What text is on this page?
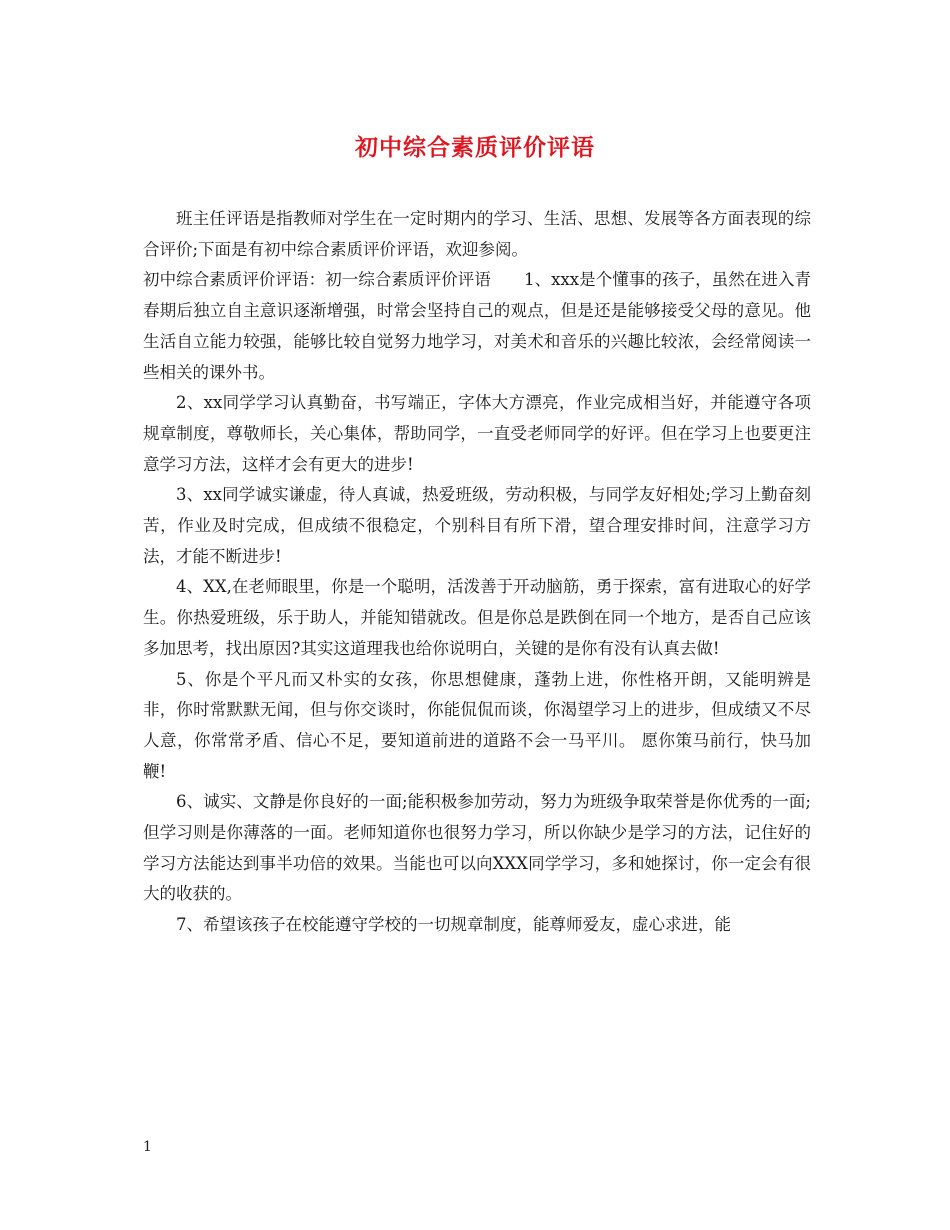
初中综合素质评价评语

班主任评语是指教师对学生在一定时期内的学习、生活、思想、发展等各方面表现的综合评价;下面是有初中综合素质评价评语，欢迎参阅。

初中综合素质评价评语：初一综合素质评价评语　　1、xxx是个懂事的孩子，虽然在进入青春期后独立自主意识逐渐增强，时常会坚持自己的观点，但是还是能够接受父母的意见。他生活自立能力较强，能够比较自觉努力地学习，对美术和音乐的兴趣比较浓，会经常阅读一些相关的课外书。

2、xx同学学习认真勤奋，书写端正，字体大方漂亮，作业完成相当好，并能遵守各项规章制度，尊敬师长，关心集体，帮助同学，一直受老师同学的好评。但在学习上也要更注意学习方法，这样才会有更大的进步!

3、xx同学诚实谦虚，待人真诚，热爱班级，劳动积极，与同学友好相处;学习上勤奋刻苦，作业及时完成，但成绩不很稳定，个别科目有所下滑，望合理安排时间，注意学习方法，才能不断进步!

4、XX,在老师眼里，你是一个聪明，活泼善于开动脑筋，勇于探索，富有进取心的好学生。你热爱班级，乐于助人，并能知错就改。但是你总是跌倒在同一个地方，是否自己应该多加思考，找出原因?其实这道理我也给你说明白，关键的是你有没有认真去做!

5、你是个平凡而又朴实的女孩，你思想健康，蓬勃上进，你性格开朗，又能明辨是非，你时常默默无闻，但与你交谈时，你能侃侃而谈，你渴望学习上的进步，但成绩又不尽人意，你常常矛盾、信心不足，要知道前进的道路不会一马平川。 愿你策马前行，快马加鞭!

6、诚实、文静是你良好的一面;能积极参加劳动，努力为班级争取荣誉是你优秀的一面;但学习则是你薄落的一面。老师知道你也很努力学习，所以你缺少是学习的方法，记住好的学习方法能达到事半功倍的效果。当能也可以向XXX同学学习，多和她探讨，你一定会有很大的收获的。

7、希望该孩子在校能遵守学校的一切规章制度，能尊师爱友，虚心求进，能

1
